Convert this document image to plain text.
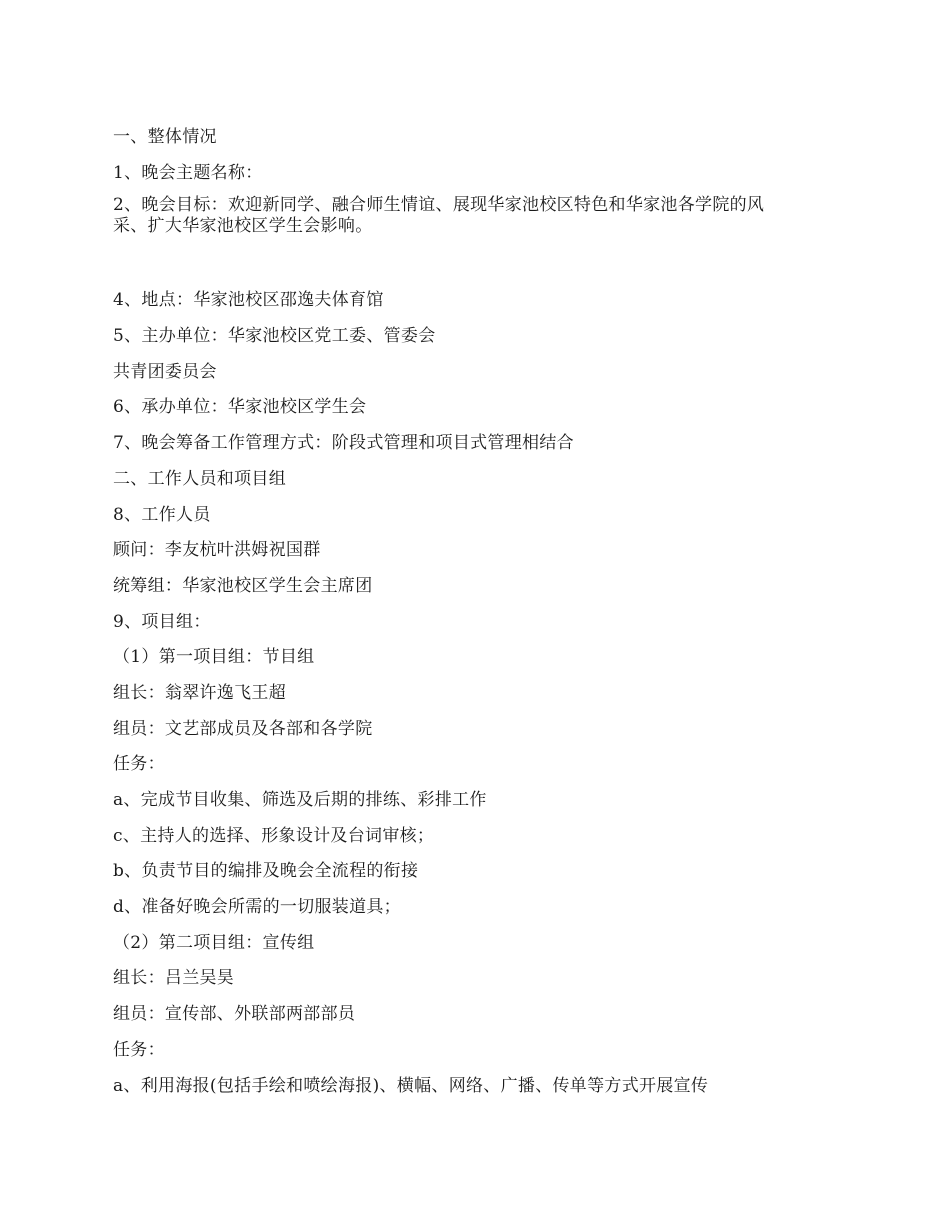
一、整体情况
1、晚会主题名称：
2、晚会目标：欢迎新同学、融合师生情谊、展现华家池校区特色和华家池各学院的风
采、扩大华家池校区学生会影响。
4、地点：华家池校区邵逸夫体育馆
5、主办单位：华家池校区党工委、管委会
共青团委员会
6、承办单位：华家池校区学生会
7、晚会筹备工作管理方式：阶段式管理和项目式管理相结合
二、工作人员和项目组
8、工作人员
顾问：李友杭叶洪姆祝国群
统筹组：华家池校区学生会主席团
9、项目组：
（1）第一项目组：节目组
组长：翁翠许逸飞王超
组员：文艺部成员及各部和各学院
任务：
a、完成节目收集、筛选及后期的排练、彩排工作
c、主持人的选择、形象设计及台词审核；
b、负责节目的编排及晚会全流程的衔接
d、准备好晚会所需的一切服装道具；
（2）第二项目组：宣传组
组长：吕兰吴昊
组员：宣传部、外联部两部部员
任务：
a、利用海报(包括手绘和喷绘海报)、横幅、网络、广播、传单等方式开展宣传
